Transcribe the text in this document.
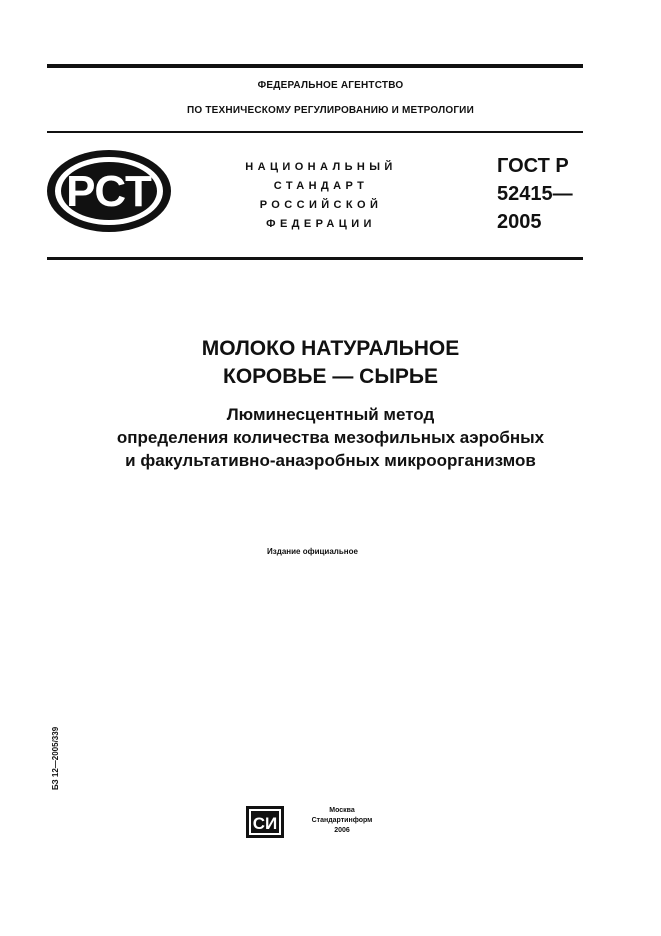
ФЕДЕРАЛЬНОЕ АГЕНТСТВО
ПО ТЕХНИЧЕСКОМУ РЕГУЛИРОВАНИЮ И МЕТРОЛОГИИ
РСТ	НАЦИОНАЛЬНЫЙ
СТАНДАРТ
РОССИЙСКОЙ
ФЕДЕРАЦИИ
ГОСТ Р
52415—
2005
МОЛОКО НАТУРАЛЬНОЕ
КОРОВЬЕ — СЫРЬЕ
Люминесцентный метод
определения количества мезофильных аэробных
и факультативно-анаэробных микроорганизмов
Издание официальное
БЗ 12—2005/339
СИ
Москва
Стандартинформ
2006
